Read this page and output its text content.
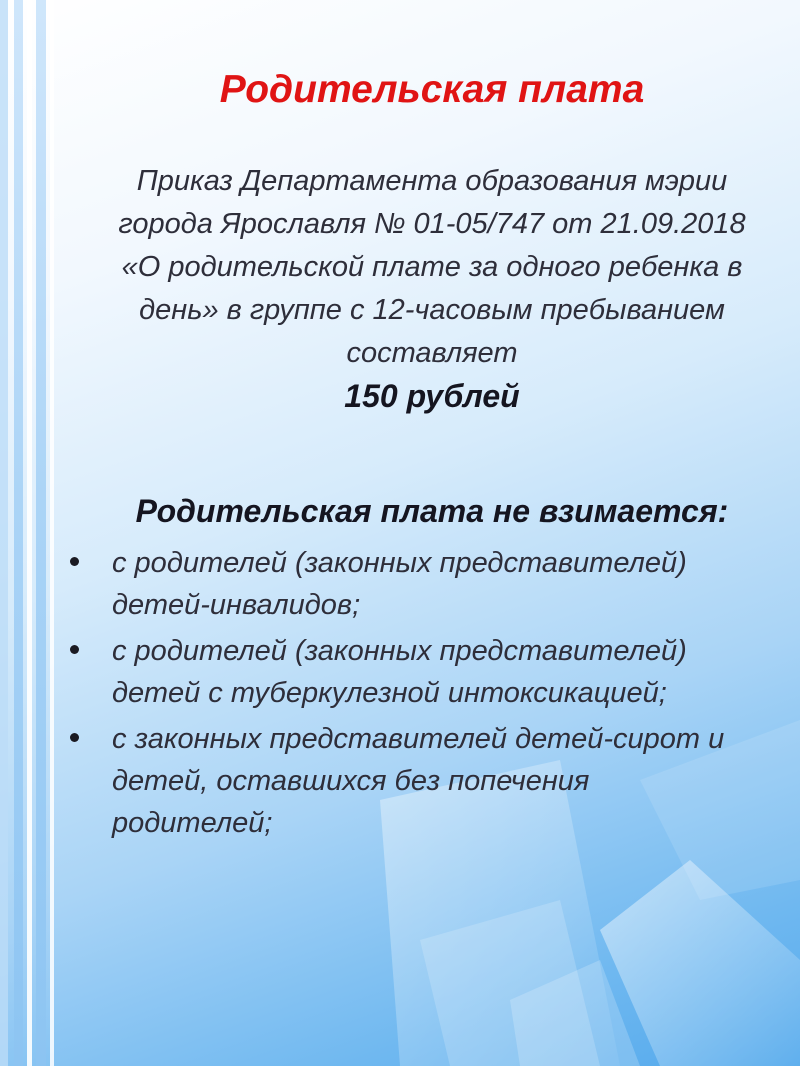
Родительская плата

Приказ Департамента образования мэрии
города Ярославля № 01-05/747 от 21.09.2018
«О родительской плате за одного ребенка в
день» в группе с 12-часовым пребыванием
составляет

150 рублей

Родительская плата не взимается:
с родителей (законных представителей)
детей-инвалидов;
с родителей (законных представителей)
детей с туберкулезной интоксикацией;
с законных представителей детей-сирот и
детей, оставшихся без попечения
родителей;
